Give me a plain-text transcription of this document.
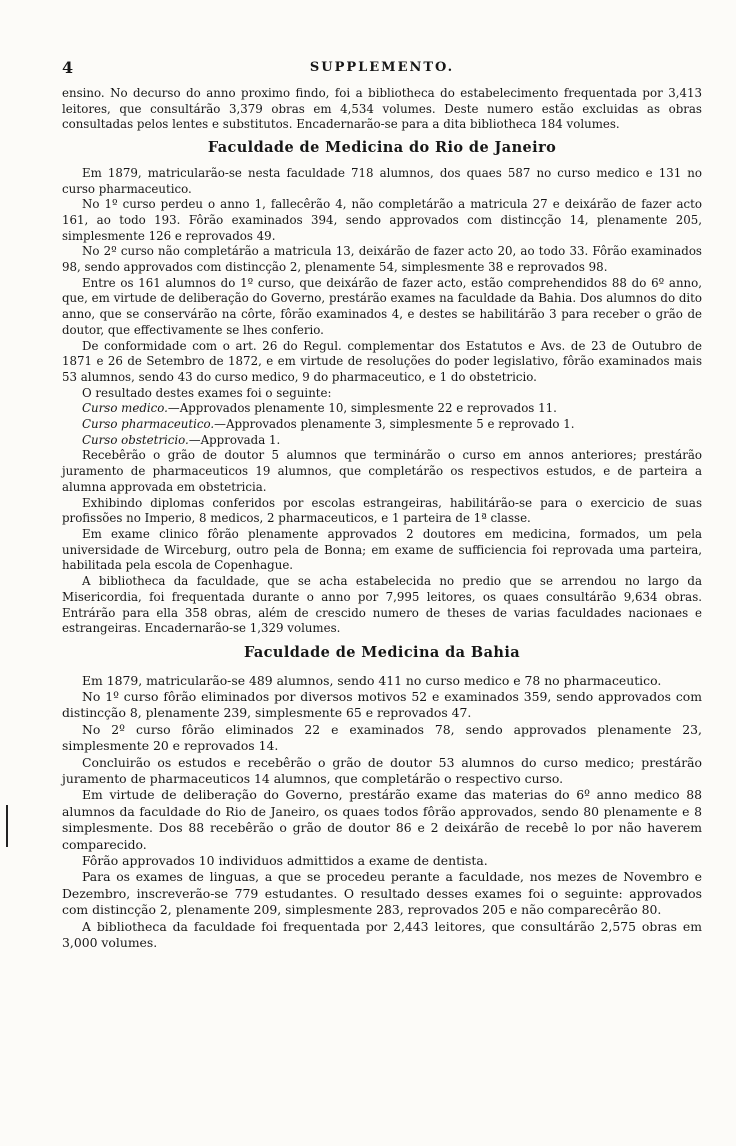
4	SUPPLEMENTO.

ensino. No decurso do anno proximo findo, foi a bibliotheca do estabelecimento frequentada por 3,413 leitores, que consultárão 3,379 obras em 4,534 volumes. Deste numero estão excluidas as obras consultadas pelos lentes e substitutos. Encadernarão-se para a dita bibliotheca 184 volumes.

Faculdade de Medicina do Rio de Janeiro

Em 1879, matricularão-se nesta faculdade 718 alumnos, dos quaes 587 no curso medico e 131 no curso pharmaceutico.

No 1º curso perdeu o anno 1, fallecêrão 4, não completárão a matricula 27 e deixárão de fazer acto 161, ao todo 193. Fôrão examinados 394, sendo approvados com distincção 14, plenamente 205, simplesmente 126 e reprovados 49.

No 2º curso não completárão a matricula 13, deixárão de fazer acto 20, ao todo 33. Fôrão examinados 98, sendo approvados com distincção 2, plenamente 54, simplesmente 38 e reprovados 98.

Entre os 161 alumnos do 1º curso, que deixárão de fazer acto, estão comprehendidos 88 do 6º anno, que, em virtude de deliberação do Governo, prestárão exames na faculdade da Bahia. Dos alumnos do dito anno, que se conservárão na côrte, fôrão examinados 4, e destes se habilitárão 3 para receber o grão de doutor, que effectivamente se lhes conferio.

De conformidade com o art. 26 do Regul. complementar dos Estatutos e Avs. de 23 de Outubro de 1871 e 26 de Setembro de 1872, e em virtude de resoluções do poder legislativo, fôrão examinados mais 53 alumnos, sendo 43 do curso medico, 9 do pharmaceutico, e 1 do obstetricio.

O resultado destes exames foi o seguinte:

Curso medico.—Approvados plenamente 10, simplesmente 22 e reprovados 11.

Curso pharmaceutico.—Approvados plenamente 3, simplesmente 5 e reprovado 1.

Curso obstetricio.—Approvada 1.

Recebêrão o grão de doutor 5 alumnos que terminárão o curso em annos anteriores; prestárão juramento de pharmaceuticos 19 alumnos, que completárão os respectivos estudos, e de parteira a alumna approvada em obstetricia.

Exhibindo diplomas conferidos por escolas estrangeiras, habilitárão-se para o exercicio de suas profissões no Imperio, 8 medicos, 2 pharmaceuticos, e 1 parteira de 1ª classe.

Em exame clinico fôrão plenamente approvados 2 doutores em medicina, formados, um pela universidade de Wirceburg, outro pela de Bonna; em exame de sufficiencia foi reprovada uma parteira, habilitada pela escola de Copenhague.

A bibliotheca da faculdade, que se acha estabelecida no predio que se arrendou no largo da Misericordia, foi frequentada durante o anno por 7,995 leitores, os quaes consultárão 9,634 obras. Entrárão para ella 358 obras, além de crescido numero de theses de varias faculdades nacionaes e estrangeiras. Encadernarão-se 1,329 volumes.

Faculdade de Medicina da Bahia

Em 1879, matricularão-se 489 alumnos, sendo 411 no curso medico e 78 no pharmaceutico.

No 1º curso fôrão eliminados por diversos motivos 52 e examinados 359, sendo approvados com distincção 8, plenamente 239, simplesmente 65 e reprovados 47.

No 2º curso fôrão eliminados 22 e examinados 78, sendo approvados plenamente 23, simplesmente 20 e reprovados 14.

Concluirão os estudos e recebêrão o grão de doutor 53 alumnos do curso medico; prestárão juramento de pharmaceuticos 14 alumnos, que completárão o respectivo curso.

Em virtude de deliberação do Governo, prestárão exame das materias do 6º anno medico 88 alumnos da faculdade do Rio de Janeiro, os quaes todos fôrão approvados, sendo 80 plenamente e 8 simplesmente. Dos 88 recebêrão o grão de doutor 86 e 2 deixárão de recebê lo por não haverem comparecido.

Fôrão approvados 10 individuos admittidos a exame de dentista.

Para os exames de linguas, a que se procedeu perante a faculdade, nos mezes de Novembro e Dezembro, inscreverão-se 779 estudantes. O resultado desses exames foi o seguinte: approvados com distincção 2, plenamente 209, simplesmente 283, reprovados 205 e não comparecêrão 80.

A bibliotheca da faculdade foi frequentada por 2,443 leitores, que consultárão 2,575 obras em 3,000 volumes.
